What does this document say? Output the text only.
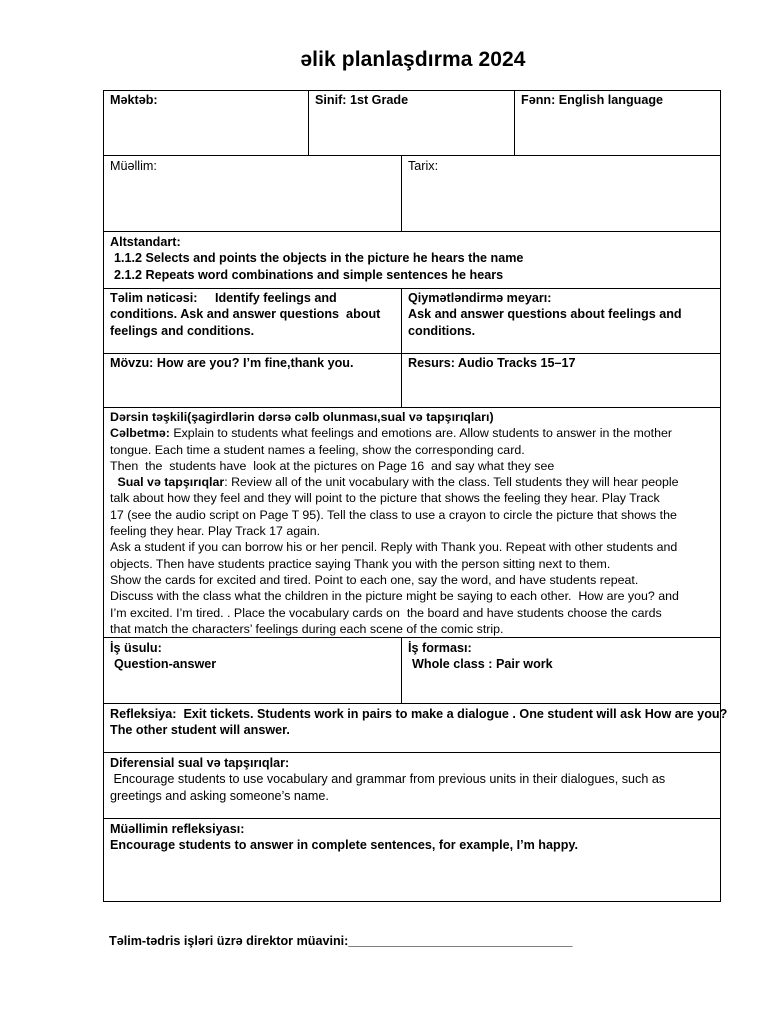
əlik planlaşdırma 2024
Məktəb:	Sinif: 1st Grade	Fənn: English language
Müəllim:	Tarix:
Altstandart:
1.1.2 Selects and points the objects in the picture he hears the name
2.1.2 Repeats word combinations and simple sentences he hears
Təlim nəticəsi:     Identify feelings and
conditions. Ask and answer questions  about
feelings and conditions.
Qiymətləndirmə meyarı:
Ask and answer questions about feelings and
conditions.
Mövzu: How are you? I’m fine,thank you.	Resurs: Audio Tracks 15–17
Dərsin təşkili(şagirdlərin dərsə cəlb olunması,sual və tapşırıqları)
Cəlbetmə: Explain to students what feelings and emotions are. Allow students to answer in the mother
tongue. Each time a student names a feeling, show the corresponding card.
Then  the  students have  look at the pictures on Page 16  and say what they see
Sual və tapşırıqlar: Review all of the unit vocabulary with the class. Tell students they will hear people
talk about how they feel and they will point to the picture that shows the feeling they hear. Play Track
17 (see the audio script on Page T 95). Tell the class to use a crayon to circle the picture that shows the
feeling they hear. Play Track 17 again.
Ask a student if you can borrow his or her pencil. Reply with Thank you. Repeat with other students and
objects. Then have students practice saying Thank you with the person sitting next to them.
Show the cards for excited and tired. Point to each one, say the word, and have students repeat.
Discuss with the class what the children in the picture might be saying to each other.  How are you? and
I’m excited. I’m tired. . Place the vocabulary cards on  the board and have students choose the cards
that match the characters’ feelings during each scene of the comic strip.
İş üsulu:
Question-answer
İş forması:
Whole class : Pair work
Refleksiya:  Exit tickets. Students work in pairs to make a dialogue . One student will ask How are you?
The other student will answer.
Diferensial sual və tapşırıqlar:
Encourage students to use vocabulary and grammar from previous units in their dialogues, such as
greetings and asking someone’s name.
Müəllimin refleksiyası:
Encourage students to answer in complete sentences, for example, I’m happy.
Təlim-tədris işləri üzrə direktor müavini:________________________________
